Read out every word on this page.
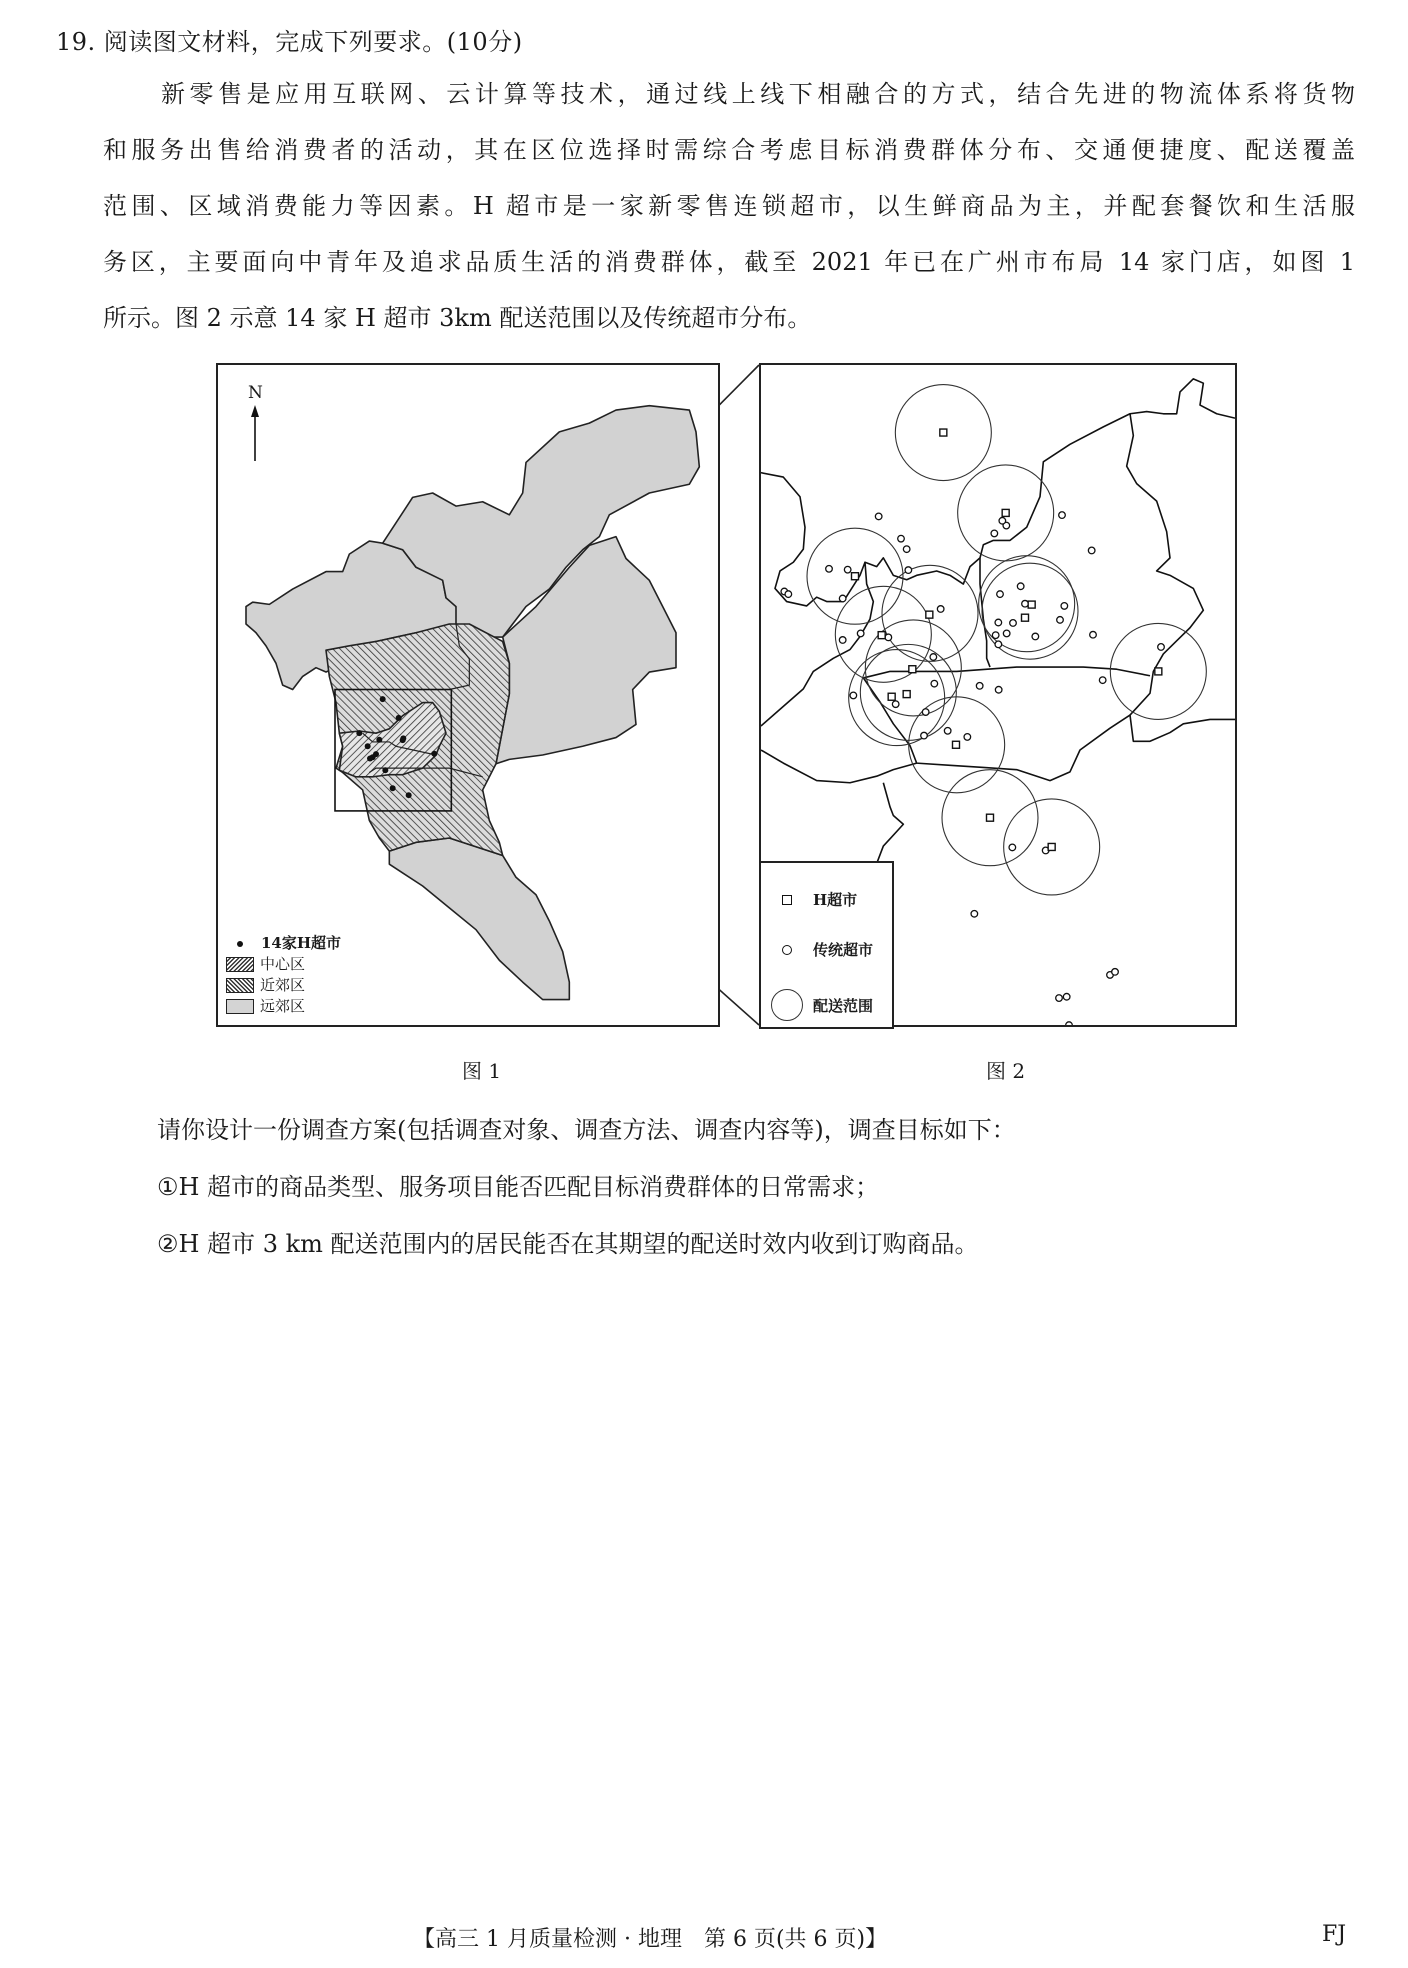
19. 阅读图文材料，完成下列要求。(10分)
新零售是应用互联网、云计算等技术，通过线上线下相融合的方式，结合先进的物流体系将货物
和服务出售给消费者的活动，其在区位选择时需综合考虑目标消费群体分布、交通便捷度、配送覆盖
范围、区域消费能力等因素。H 超市是一家新零售连锁超市，以生鲜商品为主，并配套餐饮和生活服
务区，主要面向中青年及追求品质生活的消费群体，截至 2021 年已在广州市布局 14 家门店，如图 1
所示。图 2 示意 14 家 H 超市 3km 配送范围以及传统超市分布。
N
14家H超市
中心区
近郊区
远郊区
H超市
传统超市
配送范围
图 1	图 2
请你设计一份调查方案(包括调查对象、调查方法、调查内容等)，调查目标如下：
①H 超市的商品类型、服务项目能否匹配目标消费群体的日常需求；
②H 超市 3 km 配送范围内的居民能否在其期望的配送时效内收到订购商品。
【高三 1 月质量检测 · 地理　第 6 页(共 6 页)】	FJ
